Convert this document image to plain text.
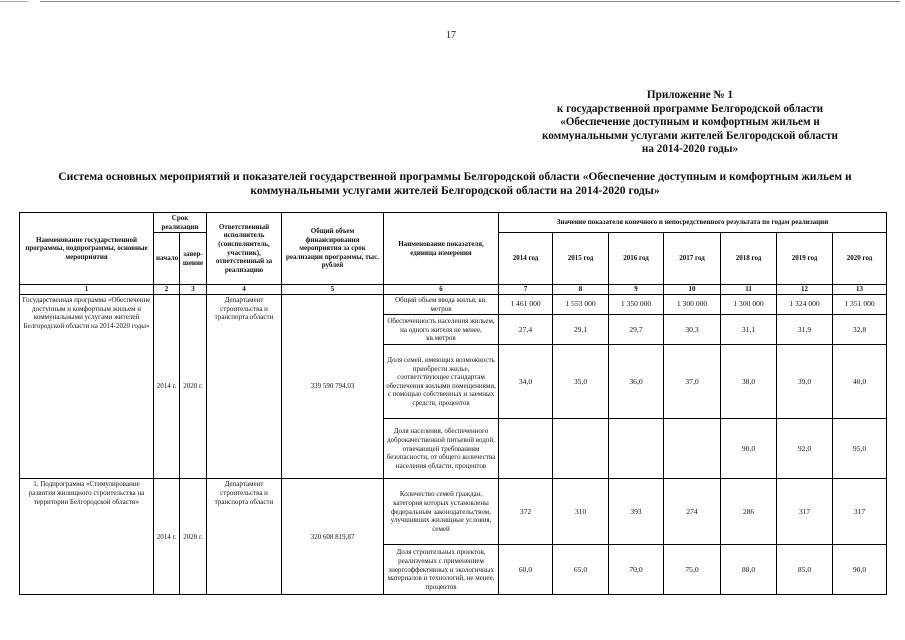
17
Приложение № 1
к государственной программе Белгородской области
«Обеспечение доступным и комфортным жильем и
коммунальными услугами жителей Белгородской области
на 2014-2020 годы»
Система основных мероприятий и показателей государственной программы Белгородской области «Обеспечение доступным и комфортным жильем и
коммунальными услугами жителей Белгородской области на 2014-2020 годы»
Наименование государственной программы, подпрограммы, основные мероприятия	Срок реализации		Ответственный исполнитель (соисполнитель, участник), ответственный за реализацию	Общий объем финансирования мероприятия за срок реализации программы, тыс. рублей	Наименование показателя, единица измерения	Значение показателя конечного и непосредственного результата по годам реализации						
	начало	завер-шение				2014 год	2015 год	2016 год	2017 год	2018 год	2019 год	2020 год
1	2	3	4	5	6	7	8	9	10	11	12	13
Государственная программа «Обеспечение доступным и комфортным жильем и коммунальными услугами жителей Белгородской области на 2014-2020 годы»	2014 г.	2020 г.	Департамент строительства и транспорта области	339 590 794,03	Общий объем ввода жилья, кв. метров	1 461 000	1 553 000	1 350 000	1 300 000	1 300 000	1 324 000	1 351 000
					Обеспеченность населения жильем, на одного жителя не менее, кв.метров	27,4	29,1	29,7	30,3	31,1	31,9	32,8
					Доля семей, имеющих возможность приобрести жилье, соответствующее стандартам обеспечения жилыми помещениями, с помощью собственных и заемных средств, процентов	34,0	35,0	36,0	37,0	38,0	39,0	40,0
					Доля населения, обеспеченного доброкачественной питьевой водой, отвечающей требованиям безопасности, от общего количества населения области, процентов					90,0	92,0	95,0
1. Подпрограмма «Стимулирование развития жилищного строительства на территории Белгородской области»	2014 г.	2020 г.	Департамент строительства и транспорта области	320 608 819,87	Количество семей граждан, категория которых установлены федеральным законодательством, улучшивших жилищные условия, семей	372	310	393	274	286	317	317
					Доля строительных проектов, реализуемых с применением энергоэффективных и экологичных материалов и технологий, не менее, процентов	60,0	65,0	70,0	75,0	80,0	85,0	90,0
